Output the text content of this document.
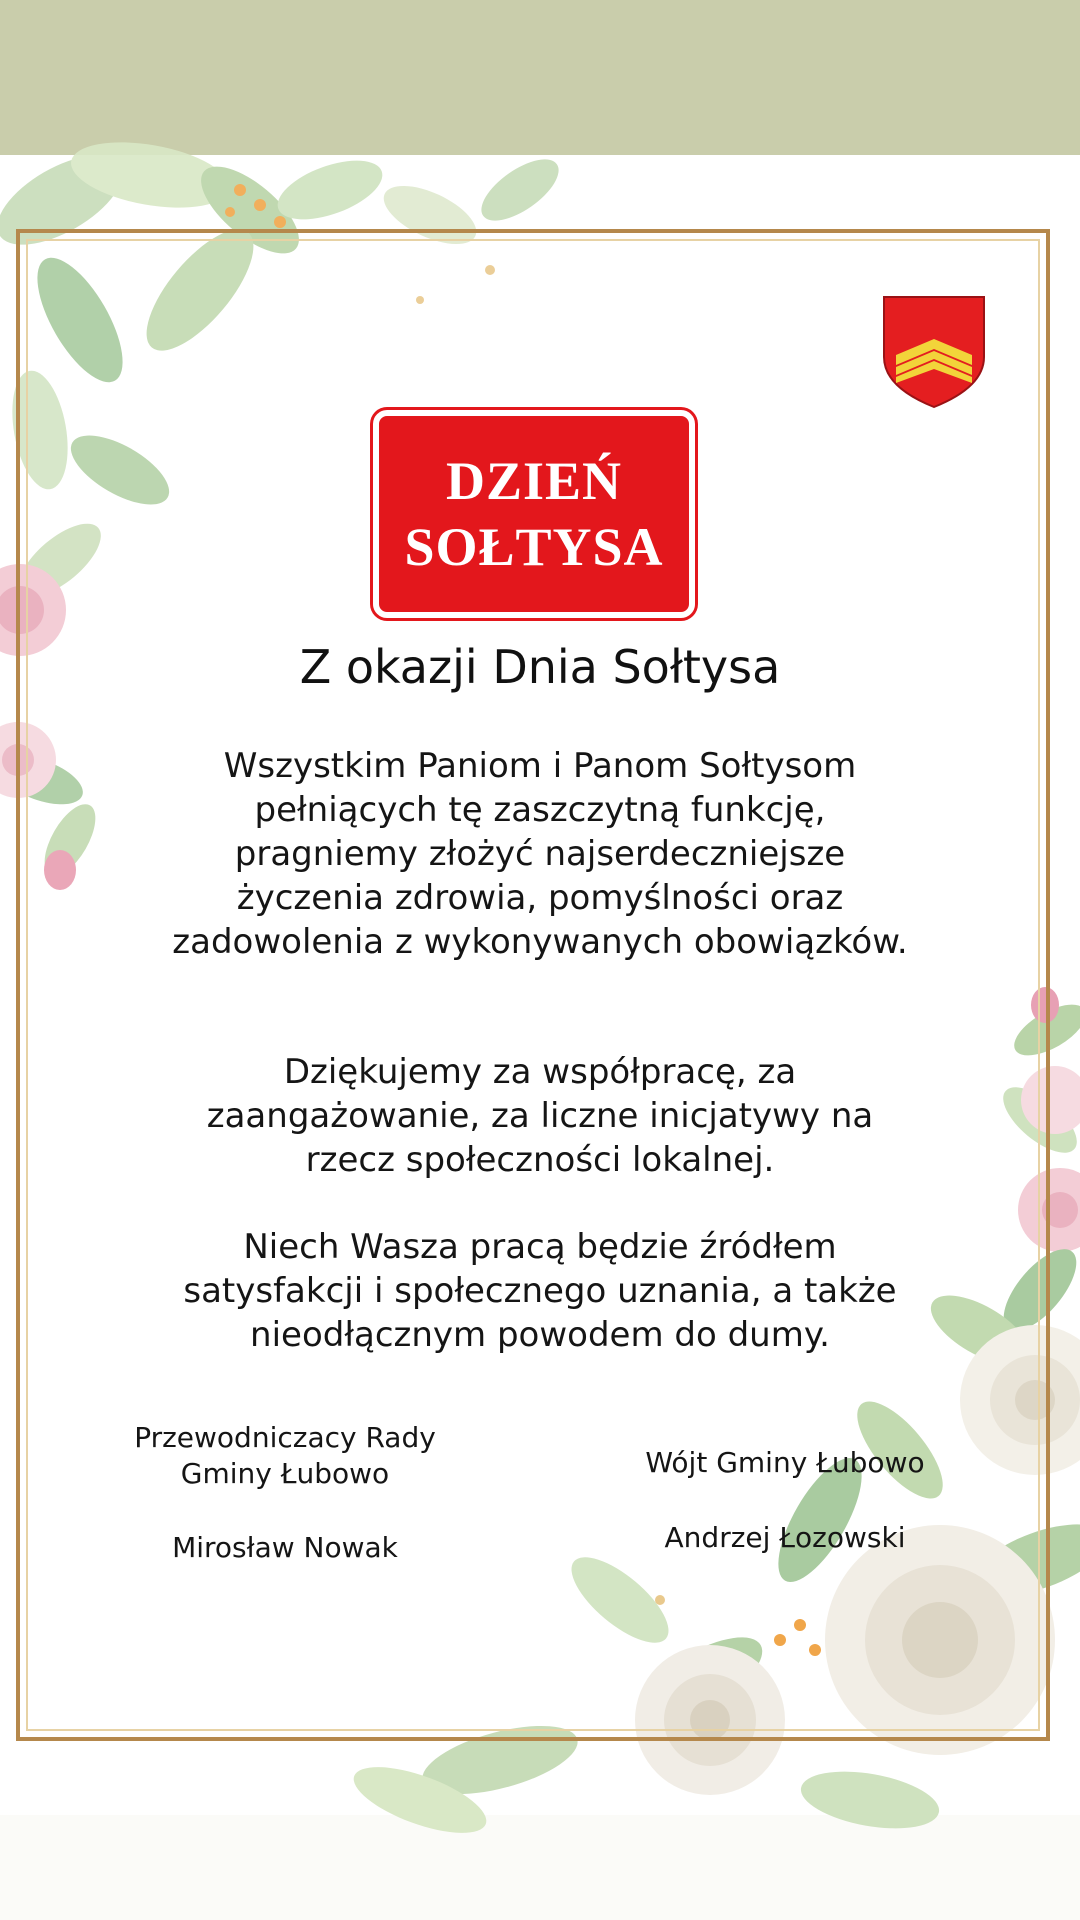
DZIEŃ
SOŁTYSA
Z okazji Dnia Sołtysa
Wszystkim Paniom i Panom Sołtysom pełniących tę zaszczytną funkcję, pragniemy złożyć najserdeczniejsze życzenia zdrowia, pomyślności oraz zadowolenia z wykonywanych obowiązków.
Dziękujemy za współpracę, za zaangażowanie, za liczne inicjatywy na rzecz społeczności lokalnej.
Niech Wasza pracą będzie źródłem satysfakcji i społecznego uznania, a także nieodłącznym powodem do dumy.
Przewodniczacy Rady Gminy Łubowo
Mirosław Nowak
Wójt Gminy Łubowo
Andrzej Łozowski
